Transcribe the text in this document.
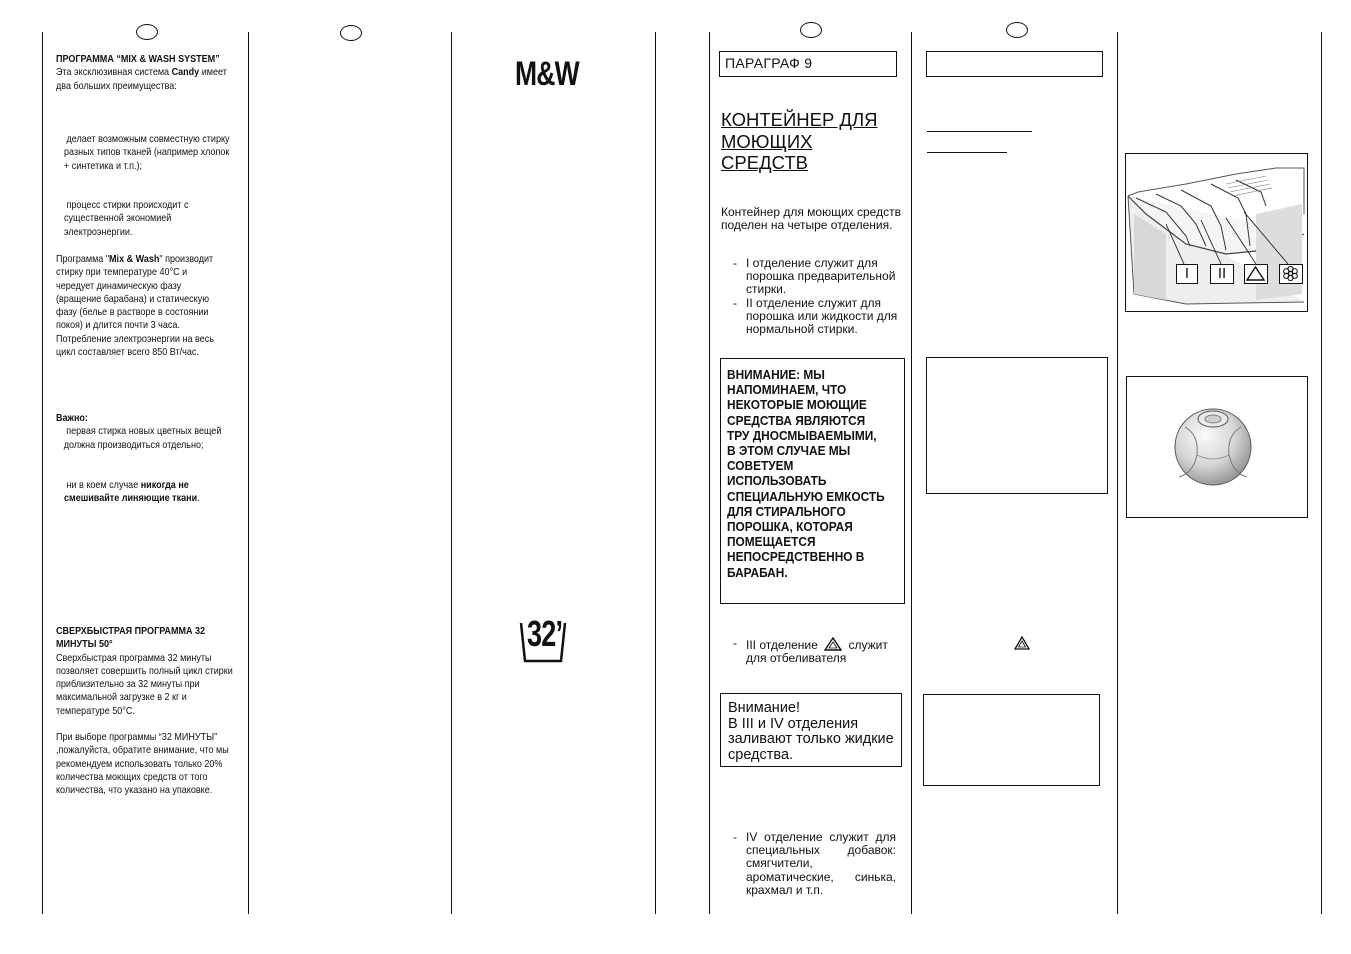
ПРОГРАММА “MIX & WASH SYSTEM”
Эта эксклюзивная система Candy имеет два больших преимущества:
делает возможным совместную стирку разных типов тканей (например хлопок + синтетика и т.п.);
процесс стирки происходит с существенной экономией электроэнергии.
Программа "Mix & Wash" производит стирку при температуре 40°С и чередует динамическую фазу (вращение барабана) и статическую фазу (белье в растворе в состоянии покоя) и длится почти 3 часа. Потребление электроэнергии на весь цикл составляет всего 850 Вт/час.
Важно:
первая стирка новых цветных вещей должна производиться отдельно;
ни в коем случае никогда не смешивайте линяющие ткани.
СВЕРХБЫСТРАЯ ПРОГРАММА 32 МИНУТЫ 50°
Сверхбыстрая программа 32 минуты позволяет совершить полный цикл стирки приблизительно за 32 минуты при максимальной загрузке в 2 кг и температуре 50°С.
При выборе программы “32 МИНУТЫ” ,пожалуйста, обратите внимание, что мы рекомендуем использовать только 20% количества моющих средств от того количества, что указано на упаковке.
M&W
32’
ПАРАГРАФ 9
КОНТЕЙНЕР ДЛЯ
МОЮЩИХ
СРЕДСТВ
Контейнер для моющих средств поделен на четыре отделения.
- I отделение служит для порошка предварительной стирки.
- II отделение служит для порошка или жидкости для нормальной стирки.
ВНИМАНИЕ: МЫ НАПОМИНАЕМ, ЧТО НЕКОТОРЫЕ МОЮЩИЕ СРЕДСТВА ЯВЛЯЮТСЯ ТРУ ДНОСМЫВАЕМЫМИ, В ЭТОМ СЛУЧАЕ МЫ СОВЕТУЕМ ИСПОЛЬЗОВАТЬ СПЕЦИАЛЬНУЮ ЕМКОСТЬ ДЛЯ СТИРАЛЬНОГО ПОРОШКА, КОТОРАЯ ПОМЕЩАЕТСЯ НЕПОСРЕДСТВЕННО В БАРАБАН.
- III отделение	служит для отбеливателя
Внимание!
В III и IV отделения заливают только жидкие средства.
- IV отделение служит для специальных добавок: смягчители, ароматические, синька, крахмал и т.п.
I	II
